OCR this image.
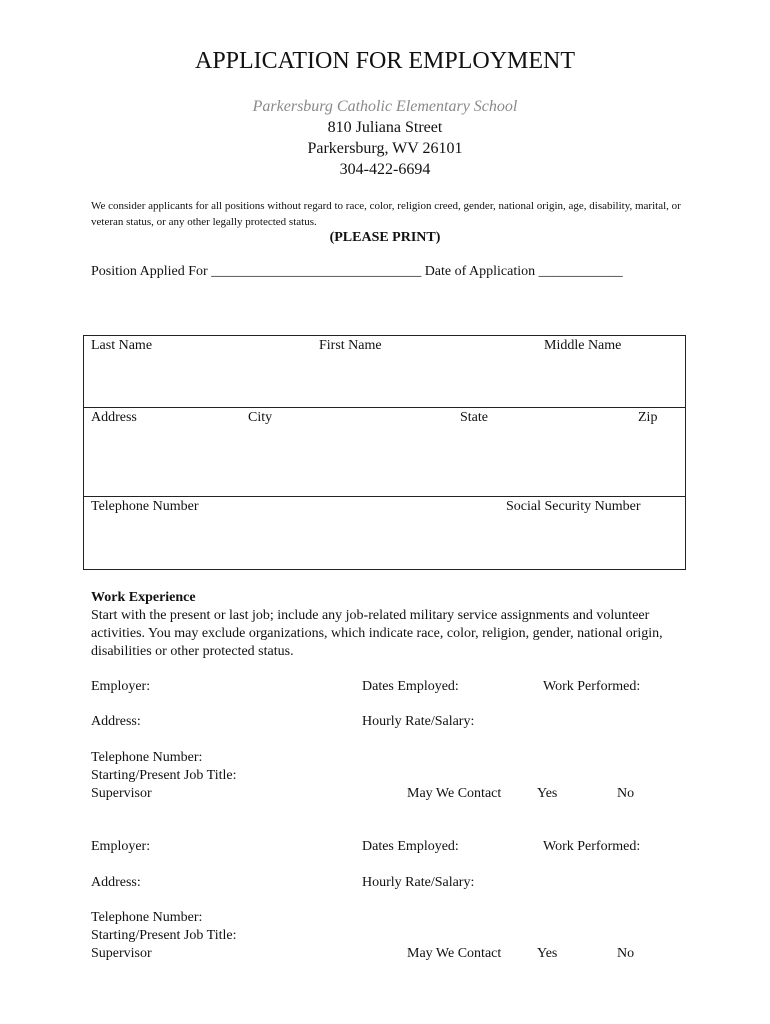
APPLICATION FOR EMPLOYMENT
Parkersburg Catholic Elementary School
810 Juliana Street
Parkersburg, WV 26101
304-422-6694
We consider applicants for all positions without regard to race, color, religion creed, gender, national origin, age, disability, marital, or veteran status, or any other legally protected status.
(PLEASE PRINT)
Position Applied For ______________________________ Date of Application ____________
Last Name	First Name	Middle Name
Address	City	State	Zip
Telephone Number	Social Security Number
Work Experience
Start with the present or last job; include any job-related military service assignments and volunteer activities. You may exclude organizations, which indicate race, color, religion, gender, national origin, disabilities or other protected status.
Employer:	Dates Employed:	Work Performed:
Address:	Hourly Rate/Salary:
Telephone Number:
Starting/Present Job Title:
Supervisor	May We Contact	Yes	No
Employer:	Dates Employed:	Work Performed:
Address:	Hourly Rate/Salary:
Telephone Number:
Starting/Present Job Title:
Supervisor	May We Contact	Yes	No
